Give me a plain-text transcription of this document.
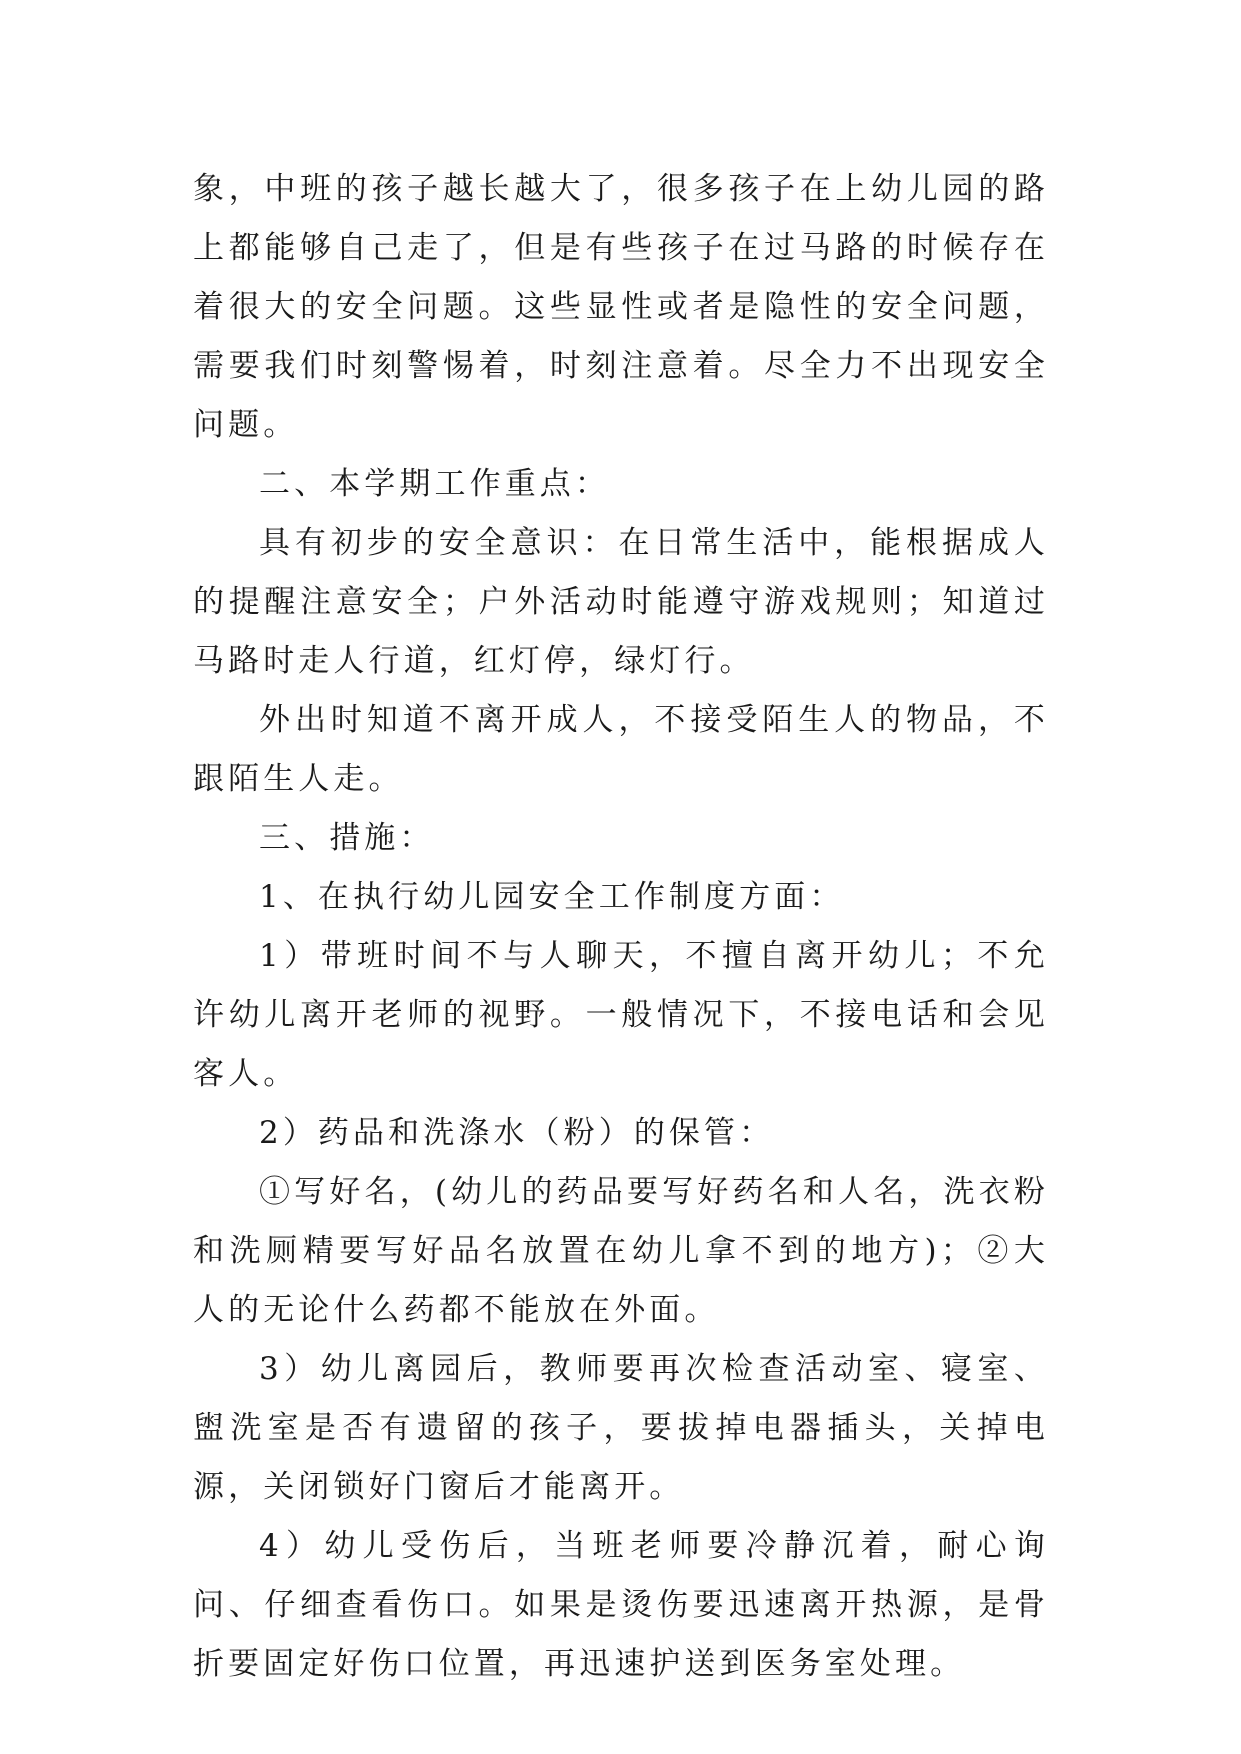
象，中班的孩子越长越大了，很多孩子在上幼儿园的路上都能够自己走了，但是有些孩子在过马路的时候存在着很大的安全问题。这些显性或者是隐性的安全问题，需要我们时刻警惕着，时刻注意着。尽全力不出现安全问题。

二、本学期工作重点：

具有初步的安全意识：在日常生活中，能根据成人的提醒注意安全；户外活动时能遵守游戏规则；知道过马路时走人行道，红灯停，绿灯行。

外出时知道不离开成人，不接受陌生人的物品，不跟陌生人走。

三、措施：

1、在执行幼儿园安全工作制度方面：

1）带班时间不与人聊天，不擅自离开幼儿；不允许幼儿离开老师的视野。一般情况下，不接电话和会见客人。

2）药品和洗涤水（粉）的保管：

①写好名，(幼儿的药品要写好药名和人名，洗衣粉和洗厕精要写好品名放置在幼儿拿不到的地方)；②大人的无论什么药都不能放在外面。

3）幼儿离园后，教师要再次检查活动室、寝室、盥洗室是否有遗留的孩子，要拔掉电器插头，关掉电源，关闭锁好门窗后才能离开。

4）幼儿受伤后，当班老师要冷静沉着，耐心询问、仔细查看伤口。如果是烫伤要迅速离开热源，是骨折要固定好伤口位置，再迅速护送到医务室处理。
